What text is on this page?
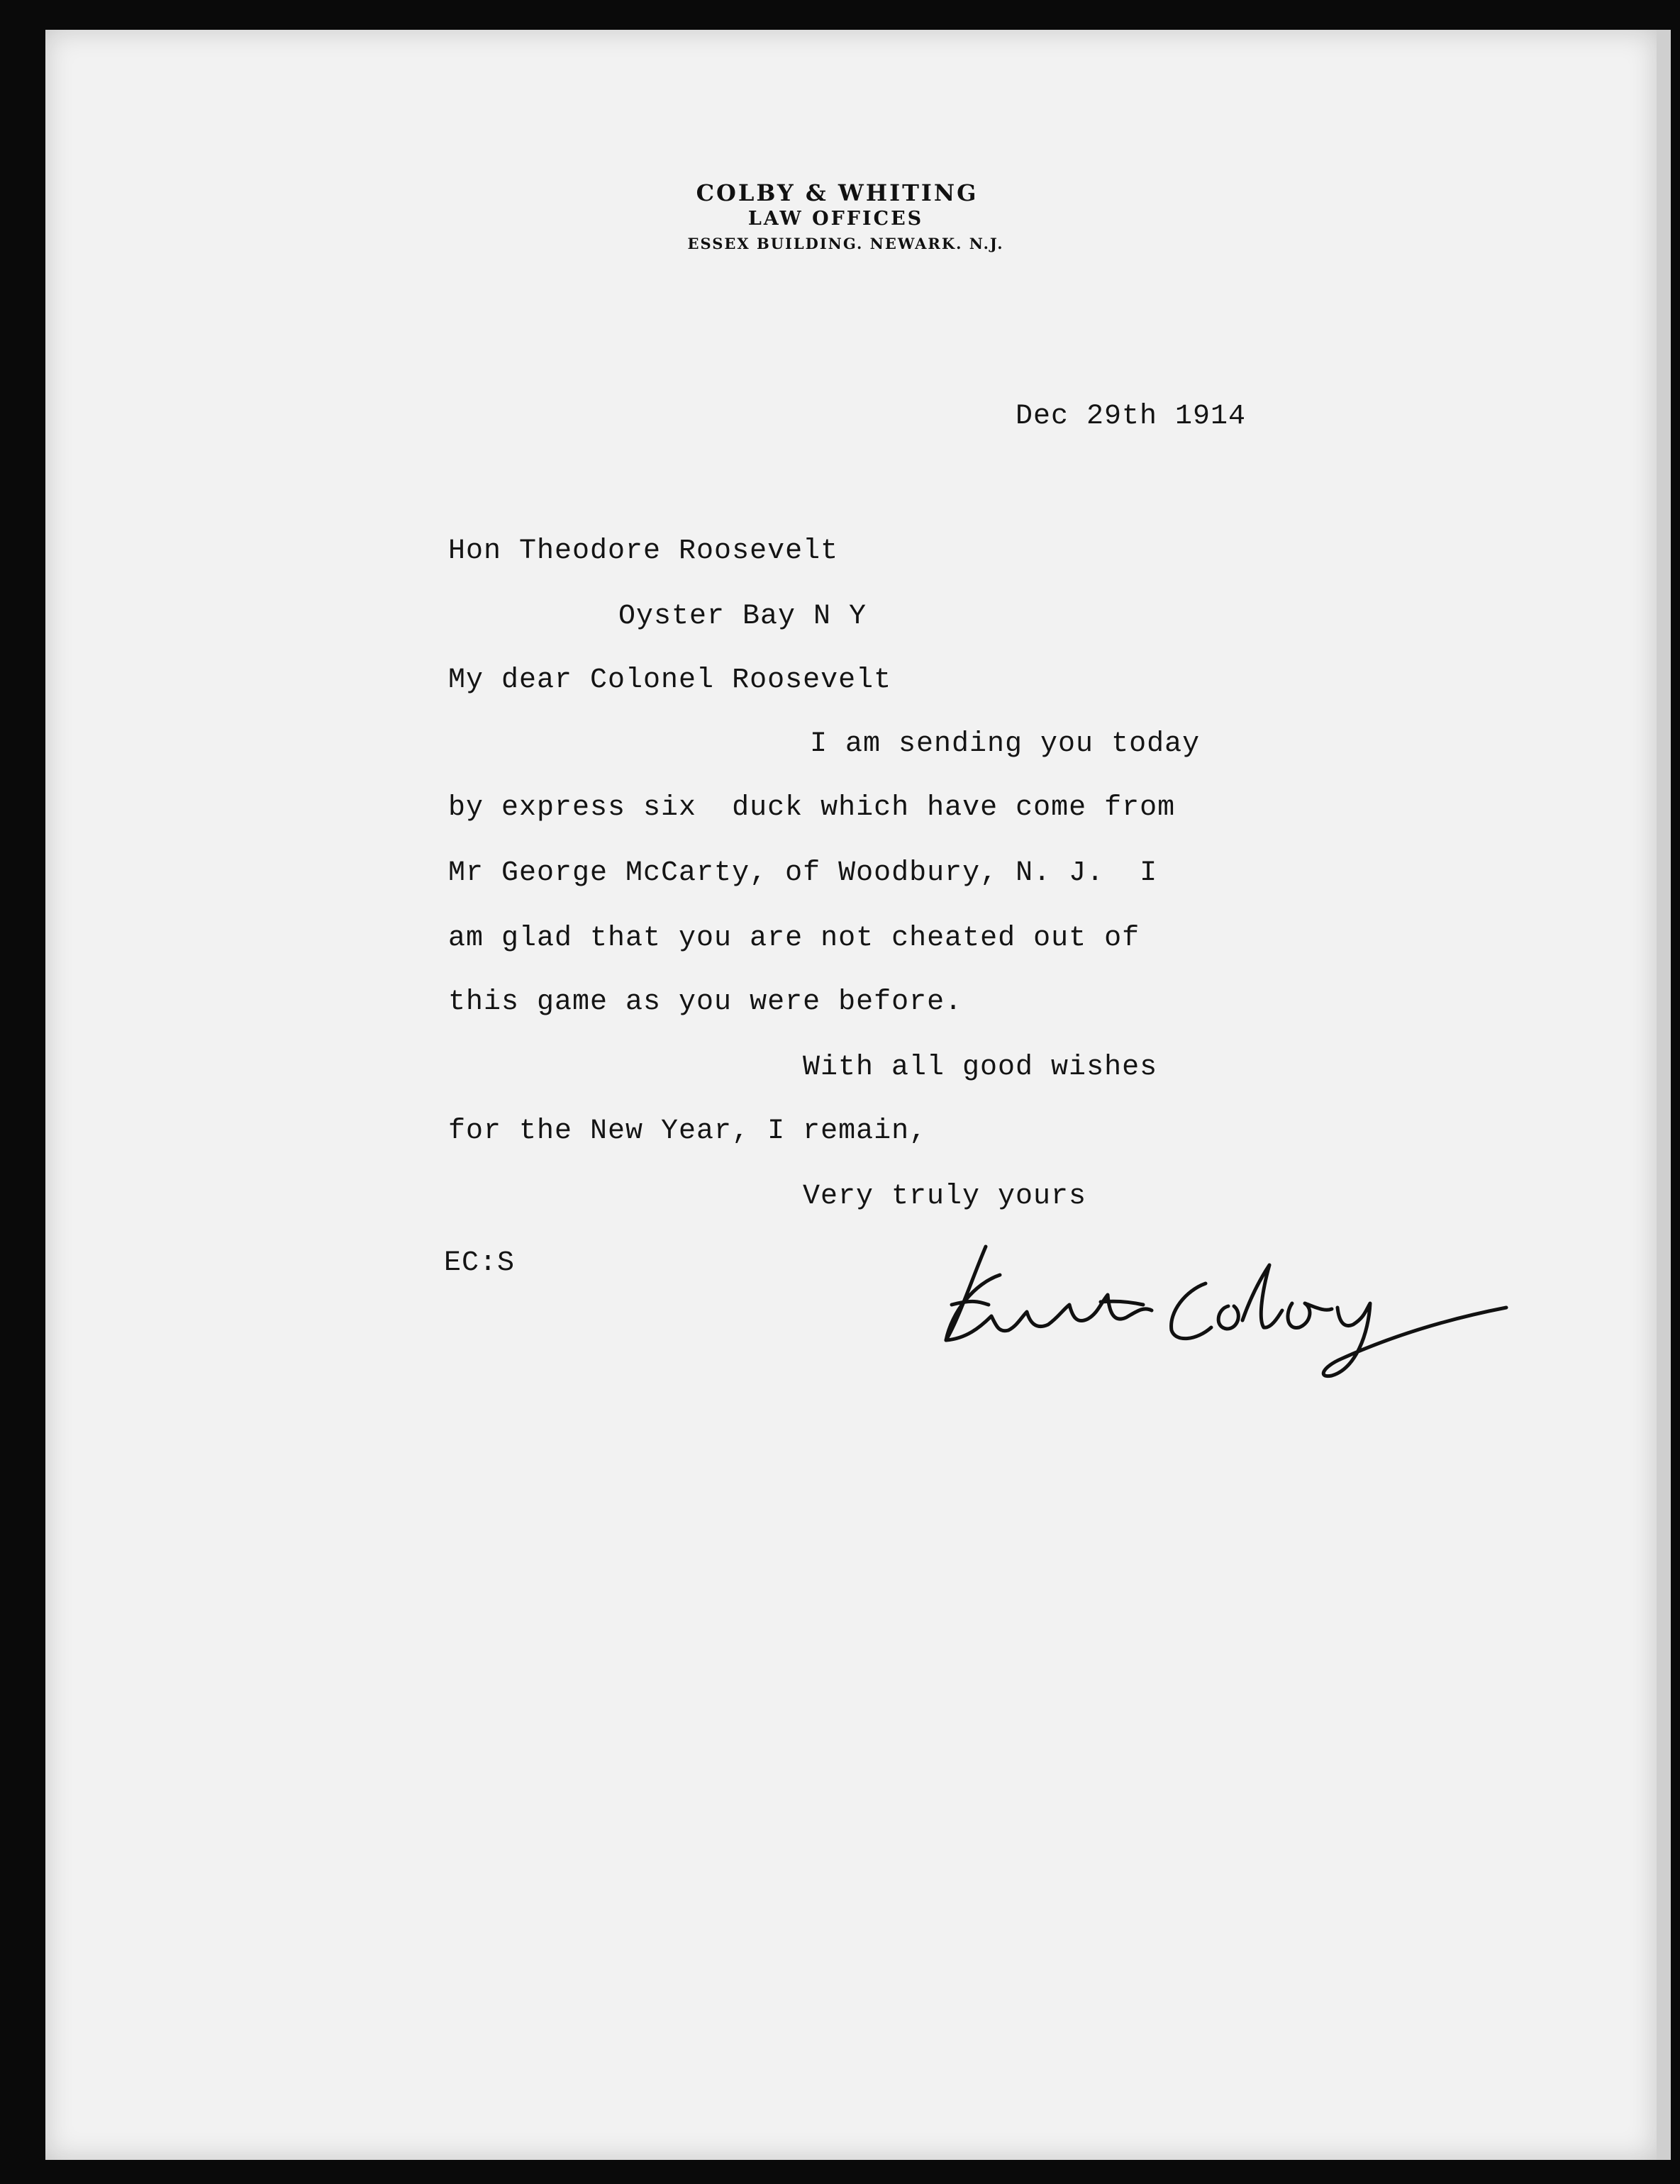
COLBY & WHITING
LAW OFFICES
ESSEX BUILDING. NEWARK. N.J.
Dec 29th 1914
Hon Theodore Roosevelt
Oyster Bay N Y
My dear Colonel Roosevelt
I am sending you today
by express six  duck which have come from
Mr George McCarty, of Woodbury, N. J.  I
am glad that you are not cheated out of
this game as you were before.
With all good wishes
for the New Year, I remain,
Very truly yours
EC:S
